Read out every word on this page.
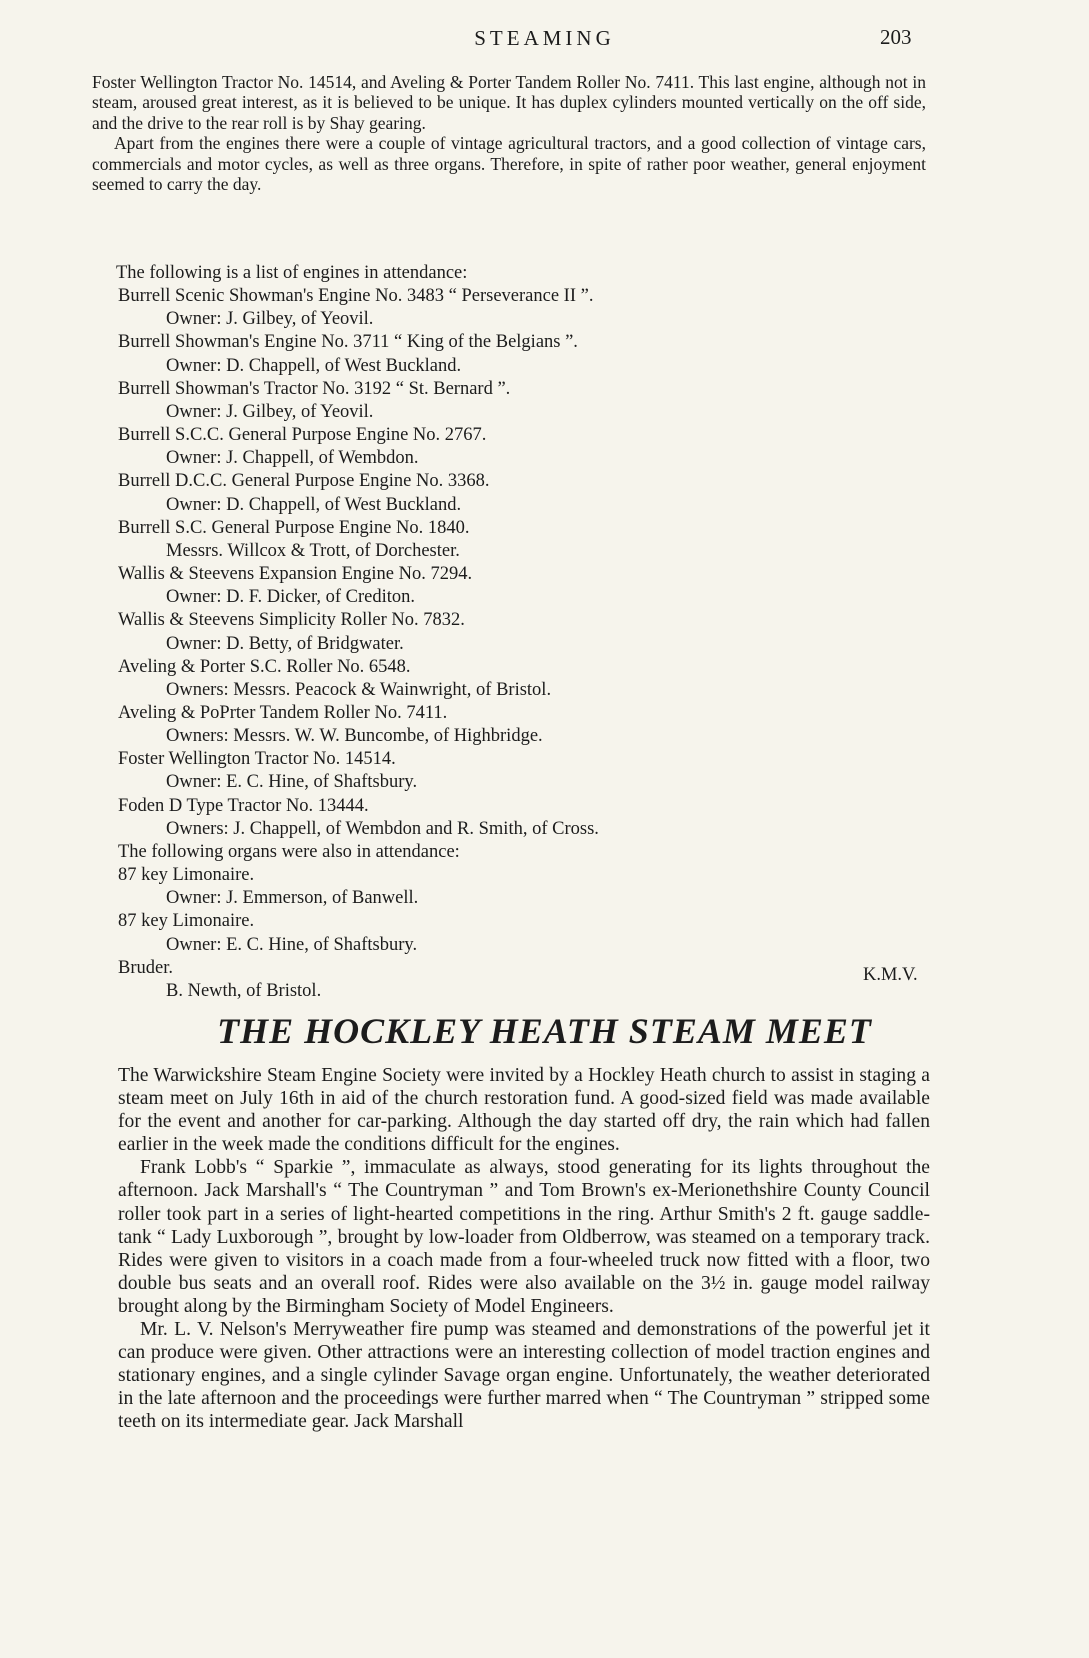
STEAMING	203

Foster Wellington Tractor No. 14514, and Aveling & Porter Tandem Roller No. 7411. This last engine, although not in steam, aroused great interest, as it is believed to be unique. It has duplex cylinders mounted vertically on the off side, and the drive to the rear roll is by Shay gearing.

Apart from the engines there were a couple of vintage agricultural tractors, and a good collection of vintage cars, commercials and motor cycles, as well as three organs. Therefore, in spite of rather poor weather, general enjoyment seemed to carry the day.

The following is a list of engines in attendance:
Burrell Scenic Showman's Engine No. 3483 “ Perseverance II ”.
Owner: J. Gilbey, of Yeovil.
Burrell Showman's Engine No. 3711 “ King of the Belgians ”.
Owner: D. Chappell, of West Buckland.
Burrell Showman's Tractor No. 3192 “ St. Bernard ”.
Owner: J. Gilbey, of Yeovil.
Burrell S.C.C. General Purpose Engine No. 2767.
Owner: J. Chappell, of Wembdon.
Burrell D.C.C. General Purpose Engine No. 3368.
Owner: D. Chappell, of West Buckland.
Burrell S.C. General Purpose Engine No. 1840.
Messrs. Willcox & Trott, of Dorchester.
Wallis & Steevens Expansion Engine No. 7294.
Owner: D. F. Dicker, of Crediton.
Wallis & Steevens Simplicity Roller No. 7832.
Owner: D. Betty, of Bridgwater.
Aveling & Porter S.C. Roller No. 6548.
Owners: Messrs. Peacock & Wainwright, of Bristol.
Aveling & PoPrter Tandem Roller No. 7411.
Owners: Messrs. W. W. Buncombe, of Highbridge.
Foster Wellington Tractor No. 14514.
Owner: E. C. Hine, of Shaftsbury.
Foden D Type Tractor No. 13444.
Owners: J. Chappell, of Wembdon and R. Smith, of Cross.
The following organs were also in attendance:
87 key Limonaire.
Owner: J. Emmerson, of Banwell.
87 key Limonaire.
Owner: E. C. Hine, of Shaftsbury.
Bruder.
B. Newth, of Bristol.
K.M.V.
THE HOCKLEY HEATH STEAM MEET

The Warwickshire Steam Engine Society were invited by a Hockley Heath church to assist in staging a steam meet on July 16th in aid of the church restoration fund. A good-sized field was made available for the event and another for car-parking. Although the day started off dry, the rain which had fallen earlier in the week made the conditions difficult for the engines.

Frank Lobb's “ Sparkie ”, immaculate as always, stood generating for its lights throughout the afternoon. Jack Marshall's “ The Countryman ” and Tom Brown's ex-Merionethshire County Council roller took part in a series of light-hearted competitions in the ring. Arthur Smith's 2 ft. gauge saddle-tank “ Lady Luxborough ”, brought by low-loader from Oldberrow, was steamed on a temporary track. Rides were given to visitors in a coach made from a four-wheeled truck now fitted with a floor, two double bus seats and an overall roof. Rides were also available on the 3½ in. gauge model railway brought along by the Birmingham Society of Model Engineers.

Mr. L. V. Nelson's Merryweather fire pump was steamed and demonstrations of the powerful jet it can produce were given. Other attractions were an interesting collection of model traction engines and stationary engines, and a single cylinder Savage organ engine. Unfortunately, the weather deteriorated in the late afternoon and the proceedings were further marred when “ The Countryman ” stripped some teeth on its intermediate gear. Jack Marshall
